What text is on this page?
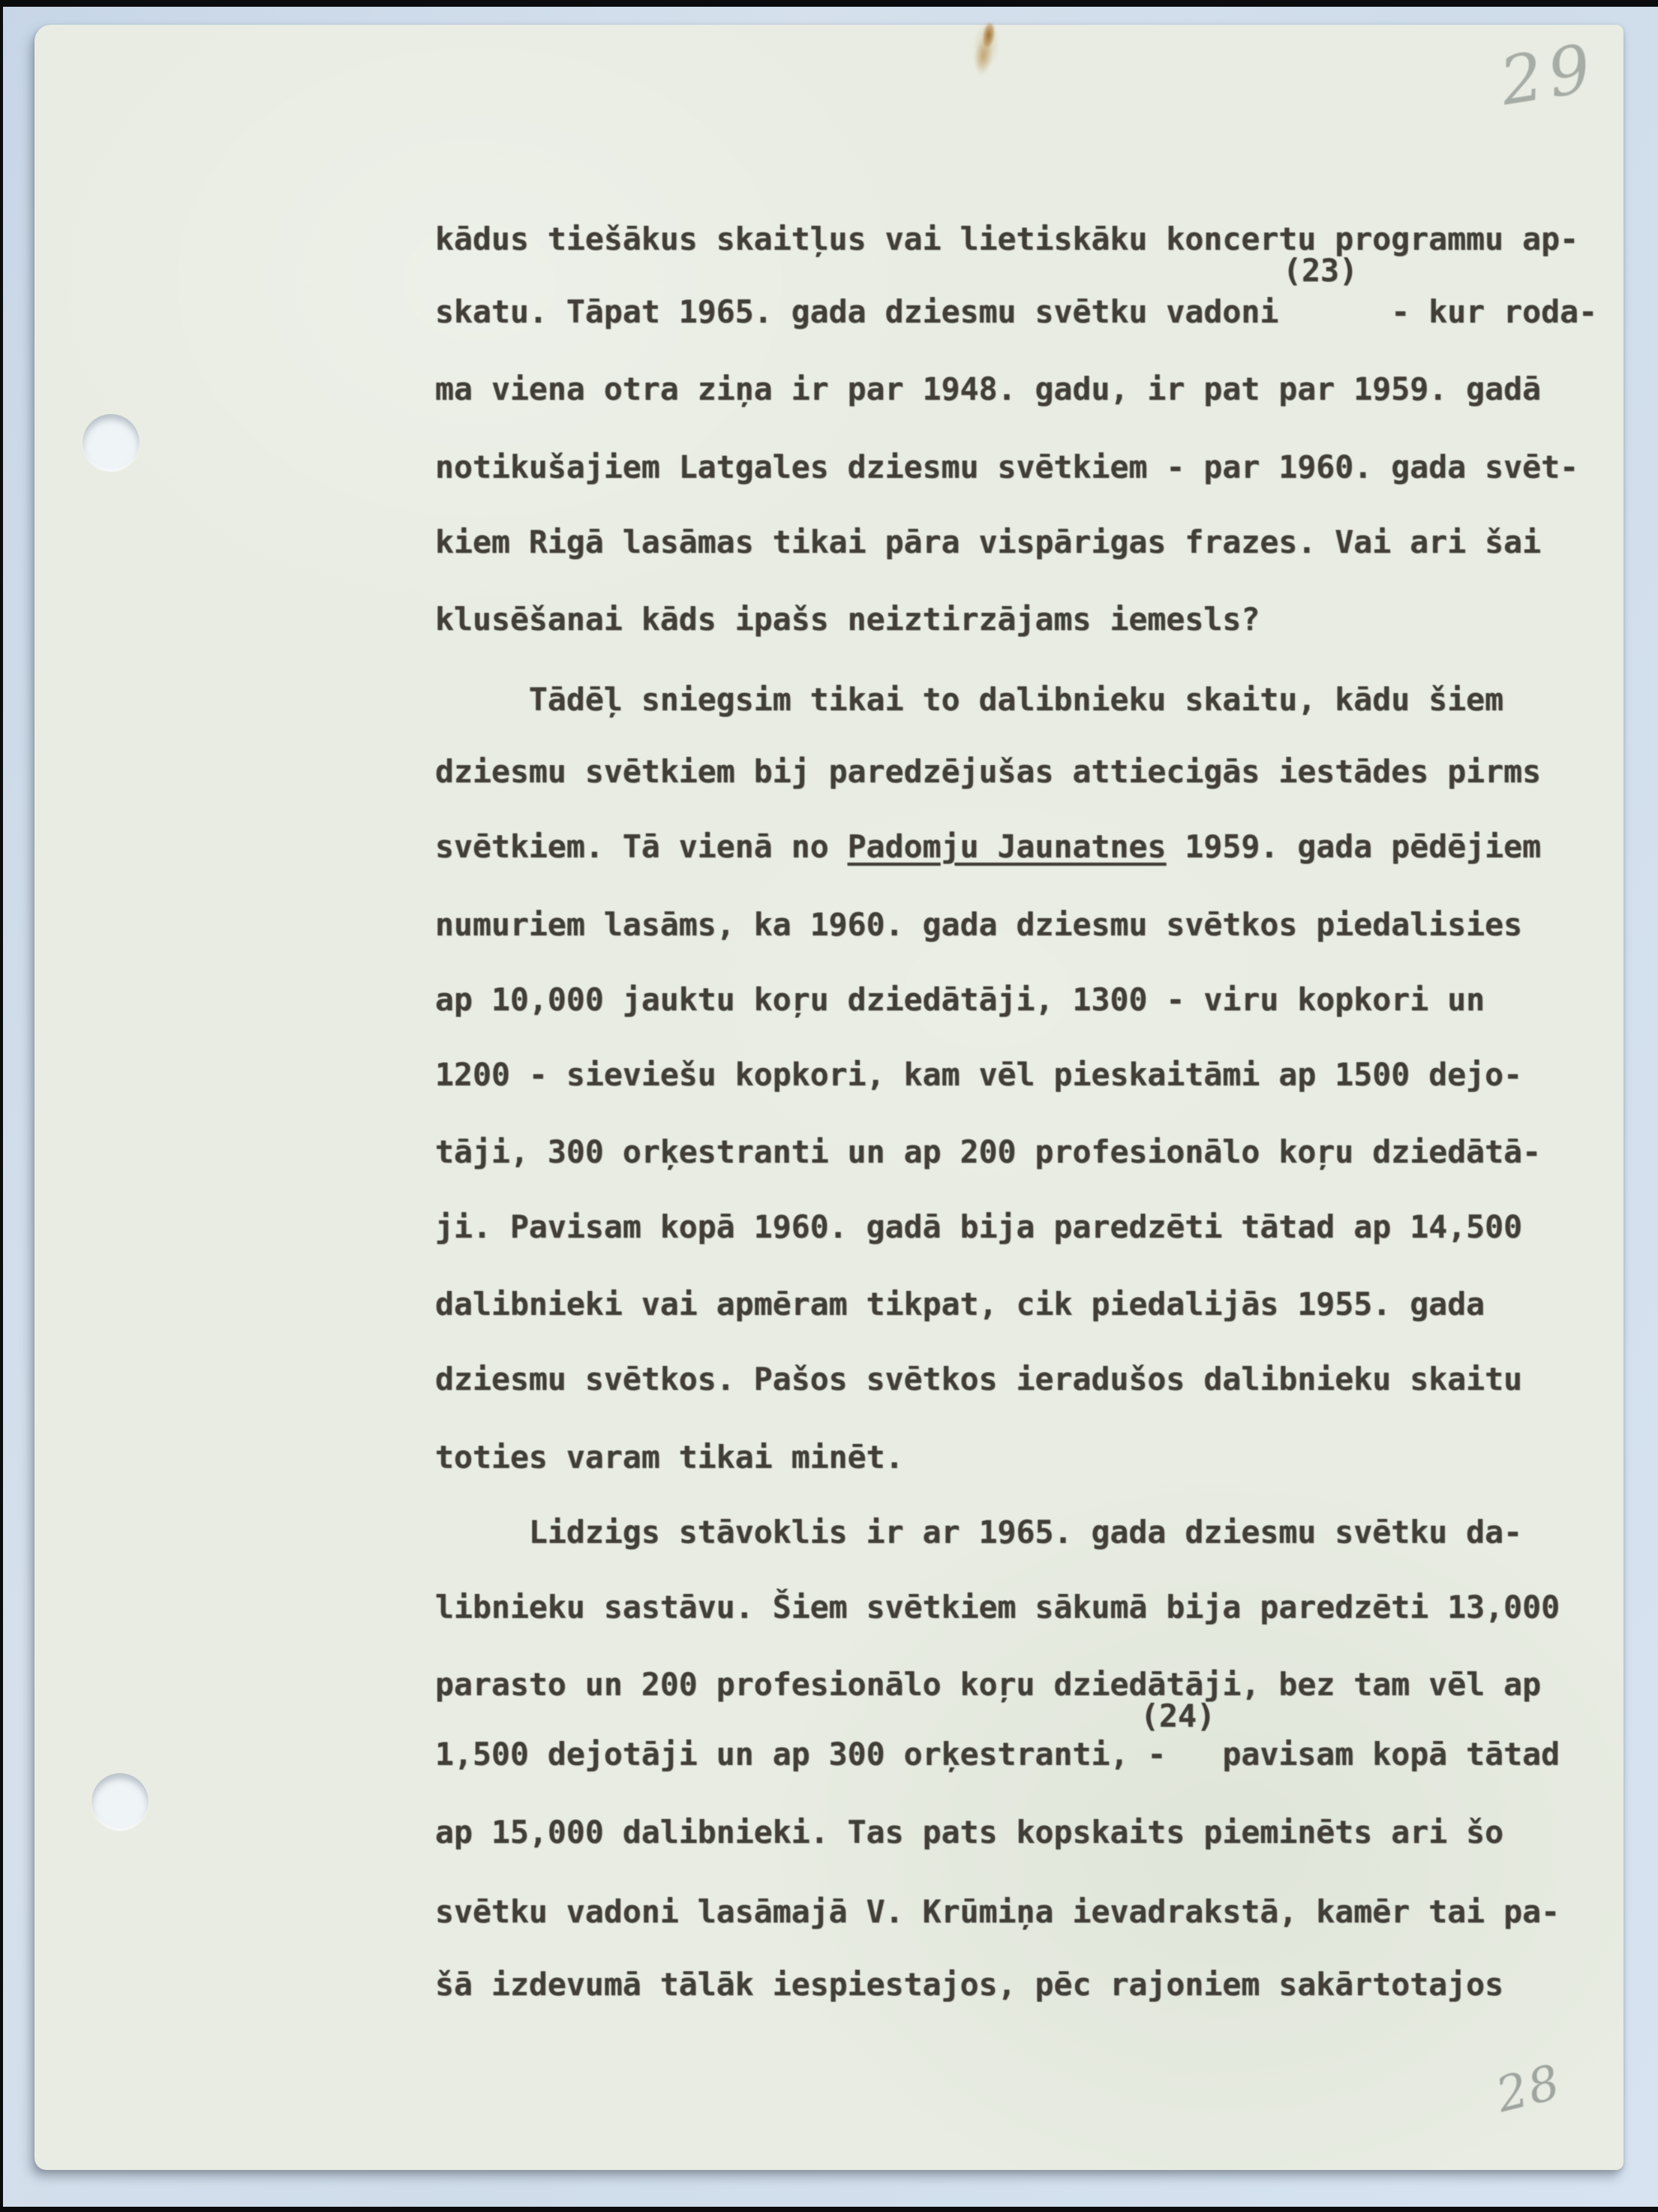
kādus tiešākus skaitļus vai lietiskāku koncertu programmu ap-
(23)
skatu. Tāpat 1965. gada dziesmu svētku vadoni      - kur roda-
ma viena otra ziņa ir par 1948. gadu, ir pat par 1959. gadā
notikušajiem Latgales dziesmu svētkiem - par 1960. gada svēt-
kiem Rigā lasāmas tikai pāra vispārigas frazes. Vai ari šai
klusēšanai kāds ipašs neiztirzājams iemesls?
Tādēļ sniegsim tikai to dalibnieku skaitu, kādu šiem
dziesmu svētkiem bij paredzējušas attiecigās iestādes pirms
svētkiem. Tā vienā no Padomju Jaunatnes 1959. gada pēdējiem
numuriem lasāms, ka 1960. gada dziesmu svētkos piedalisies
ap 10,000 jauktu koŗu dziedātāji, 1300 - viru kopkori un
1200 - sieviešu kopkori, kam vēl pieskaitāmi ap 1500 dejo-
tāji, 300 orķestranti un ap 200 profesionālo koŗu dziedātā-
ji. Pavisam kopā 1960. gadā bija paredzēti tātad ap 14,500
dalibnieki vai apmēram tikpat, cik piedalijās 1955. gada
dziesmu svētkos. Pašos svētkos ieradušos dalibnieku skaitu
toties varam tikai minēt.
Lidzigs stāvoklis ir ar 1965. gada dziesmu svētku da-
libnieku sastāvu. Šiem svētkiem sākumā bija paredzēti 13,000
parasto un 200 profesionālo koŗu dziedātāji, bez tam vēl ap
(24)
1,500 dejotāji un ap 300 orķestranti, -   pavisam kopā tātad
ap 15,000 dalibnieki. Tas pats kopskaits pieminēts ari šo
svētku vadoni lasāmajā V. Krūmiņa ievadrakstā, kamēr tai pa-
šā izdevumā tālāk iespiestajos, pēc rajoniem sakārtotajos
29
28
